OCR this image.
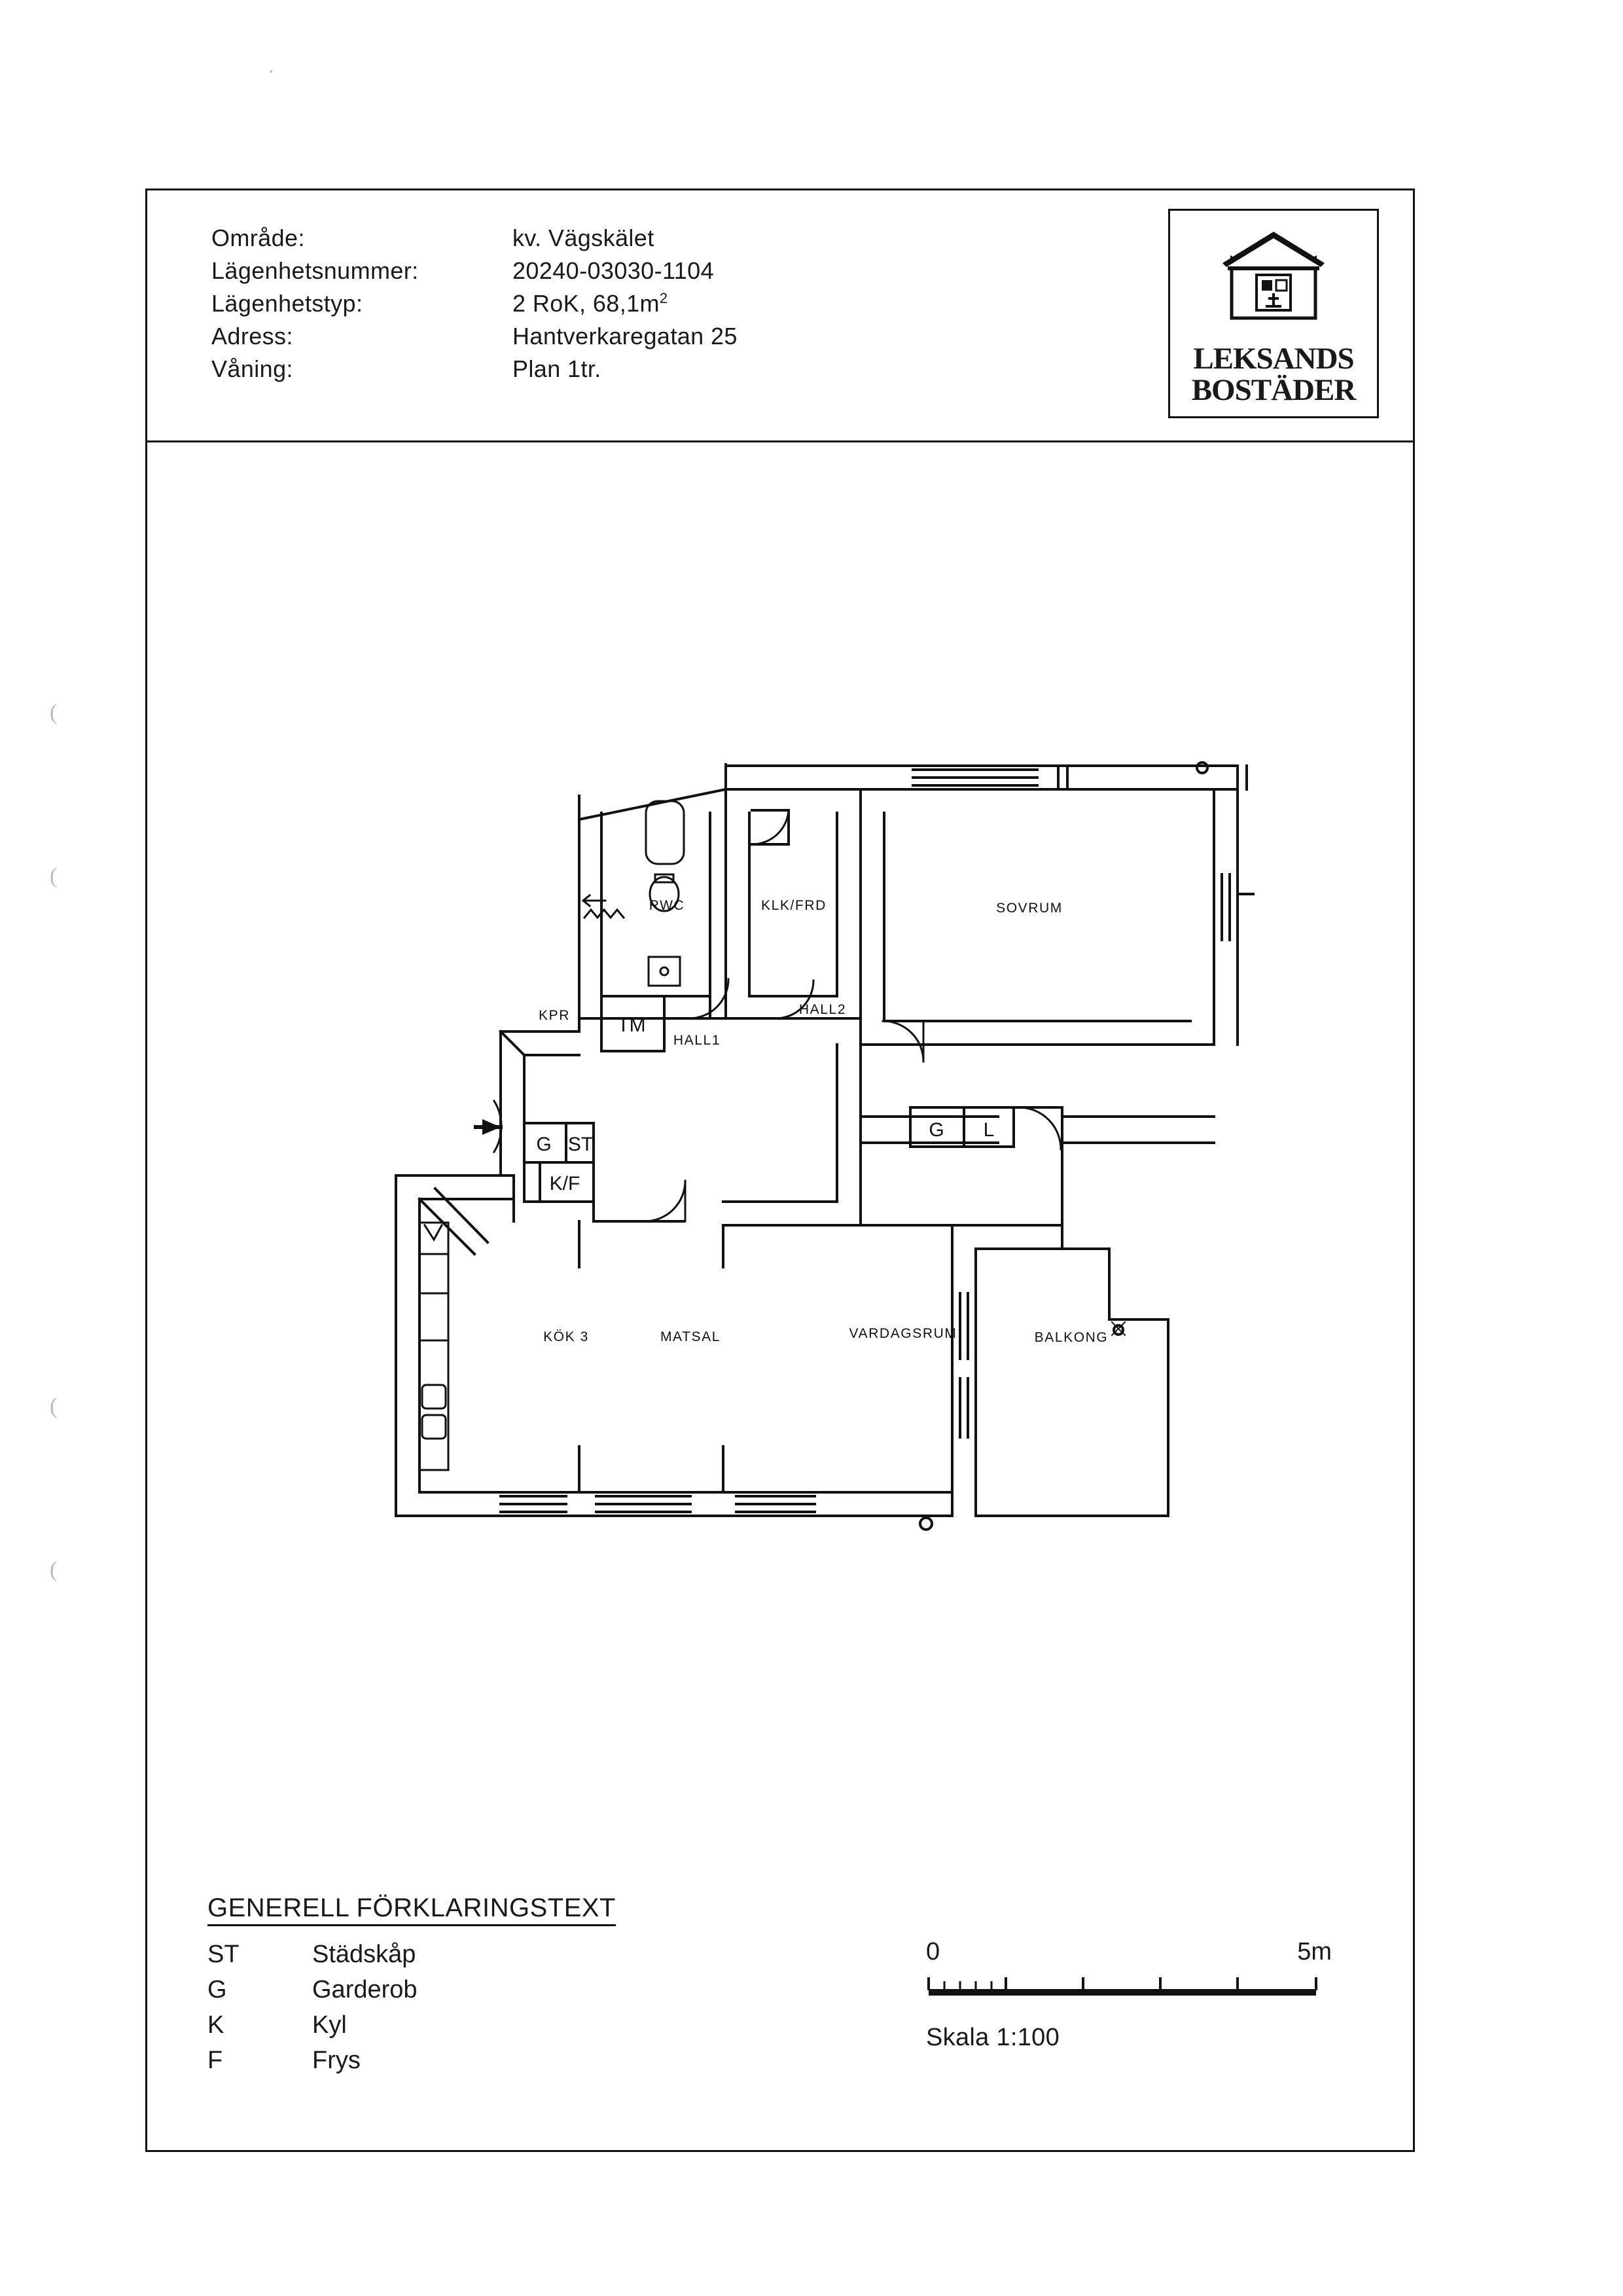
(
(
(
(
.
Område:	kv. Vägskälet
Lägenhetsnummer:	20240-03030-1104
Lägenhetstyp:	2 RoK, $68,1m^2$
Adress:	Hantverkaregatan 25
Våning:	Plan 1tr.	LEKSANDS
BOSTÄDER
RWC	KLK/FRD	SOVRUM
HALL2
HALL1
KPR
KÖK 3	MATSAL	VARDAGSRUM	BALKONG
TM
G ST
K/F
G L
GENERELL FÖRKLARINGSTEXT
ST	Städskåp
G	Garderob
K	Kyl
F	Frys
0	5m
Skala 1:100
